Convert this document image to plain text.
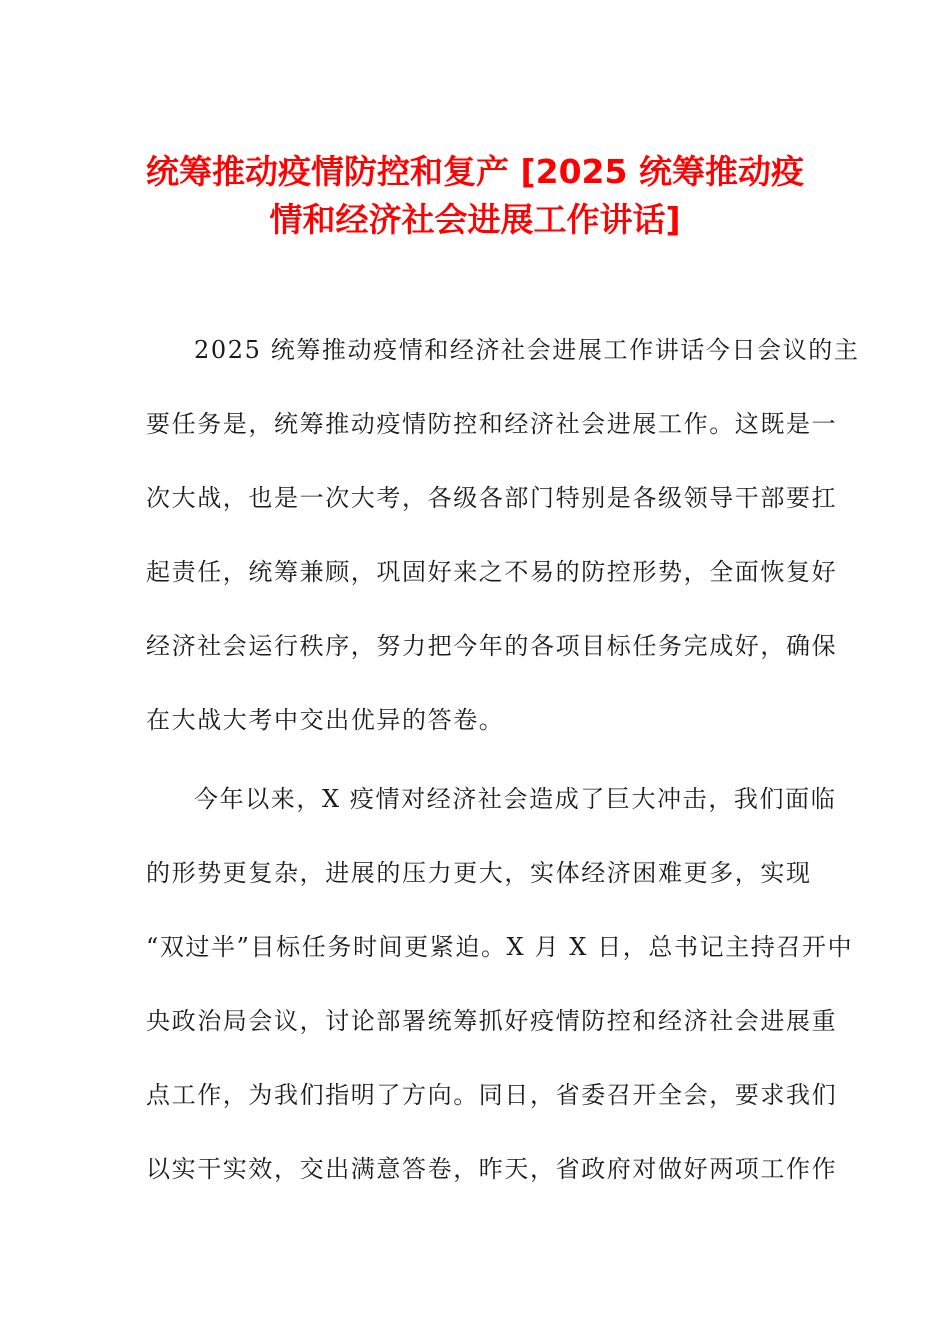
统筹推动疫情防控和复产 [2025 统筹推动疫
情和经济社会进展工作讲话]
2025 统筹推动疫情和经济社会进展工作讲话今日会议的主
要任务是，统筹推动疫情防控和经济社会进展工作。这既是一
次大战，也是一次大考，各级各部门特别是各级领导干部要扛
起责任，统筹兼顾，巩固好来之不易的防控形势，全面恢复好
经济社会运行秩序，努力把今年的各项目标任务完成好，确保
在大战大考中交出优异的答卷。
今年以来，X 疫情对经济社会造成了巨大冲击，我们面临
的形势更复杂，进展的压力更大，实体经济困难更多，实现
“双过半”目标任务时间更紧迫。X 月 X 日，总书记主持召开中
央政治局会议，讨论部署统筹抓好疫情防控和经济社会进展重
点工作，为我们指明了方向。同日，省委召开全会，要求我们
以实干实效，交出满意答卷，昨天，省政府对做好两项工作作
